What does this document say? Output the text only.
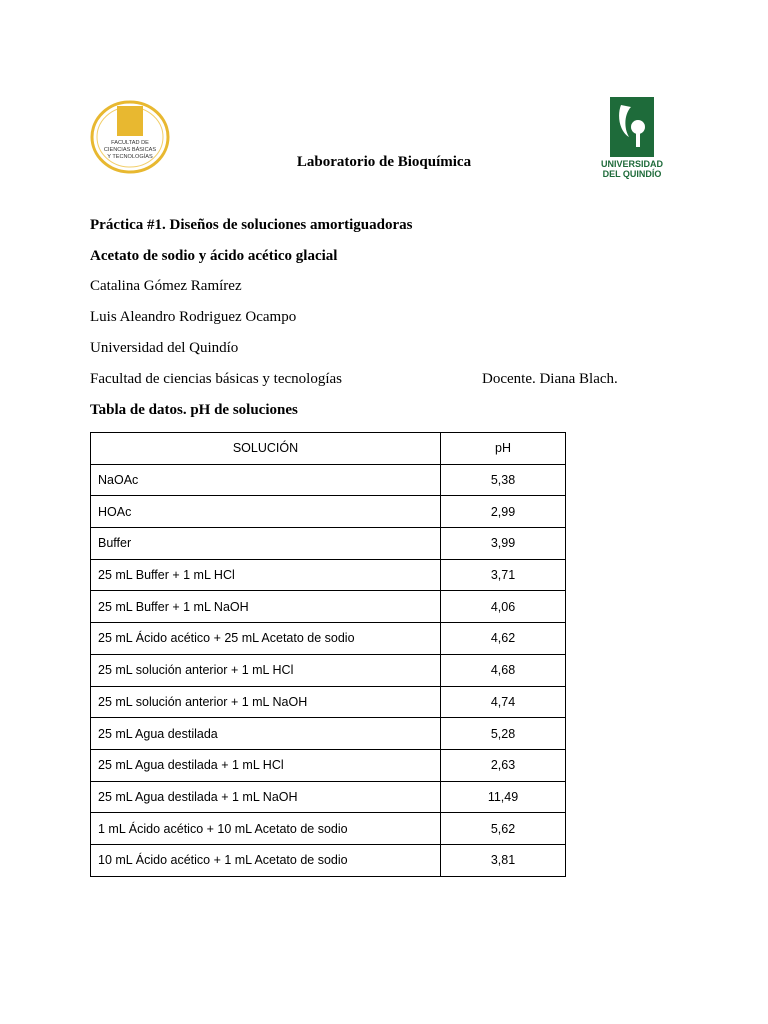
FACULTAD DE
CIENCIAS BÁSICAS
Y TECNOLOGÍAS
UNIVERSIDAD
DEL QUINDÍO
Laboratorio de Bioquímica
Práctica #1. Diseños de soluciones amortiguadoras
Acetato de sodio y ácido acético glacial
Catalina Gómez Ramírez
Luis Aleandro Rodriguez Ocampo
Universidad del Quindío
Facultad de ciencias básicas y tecnologías	Docente. Diana Blach.
Tabla de datos. pH de soluciones
SOLUCIÓN	pH
NaOAc	5,38
HOAc	2,99
Buffer	3,99
25 mL Buffer + 1 mL HCl	3,71
25 mL Buffer + 1 mL NaOH	4,06
25 mL Ácido acético + 25 mL Acetato de sodio	4,62
25 mL solución anterior + 1 mL HCl	4,68
25 mL solución anterior + 1 mL NaOH	4,74
25 mL Agua destilada	5,28
25 mL Agua destilada + 1 mL HCl	2,63
25 mL Agua destilada + 1 mL NaOH	11,49
1 mL Ácido acético + 10 mL Acetato de sodio	5,62
10 mL Ácido acético + 1 mL Acetato de sodio	3,81
